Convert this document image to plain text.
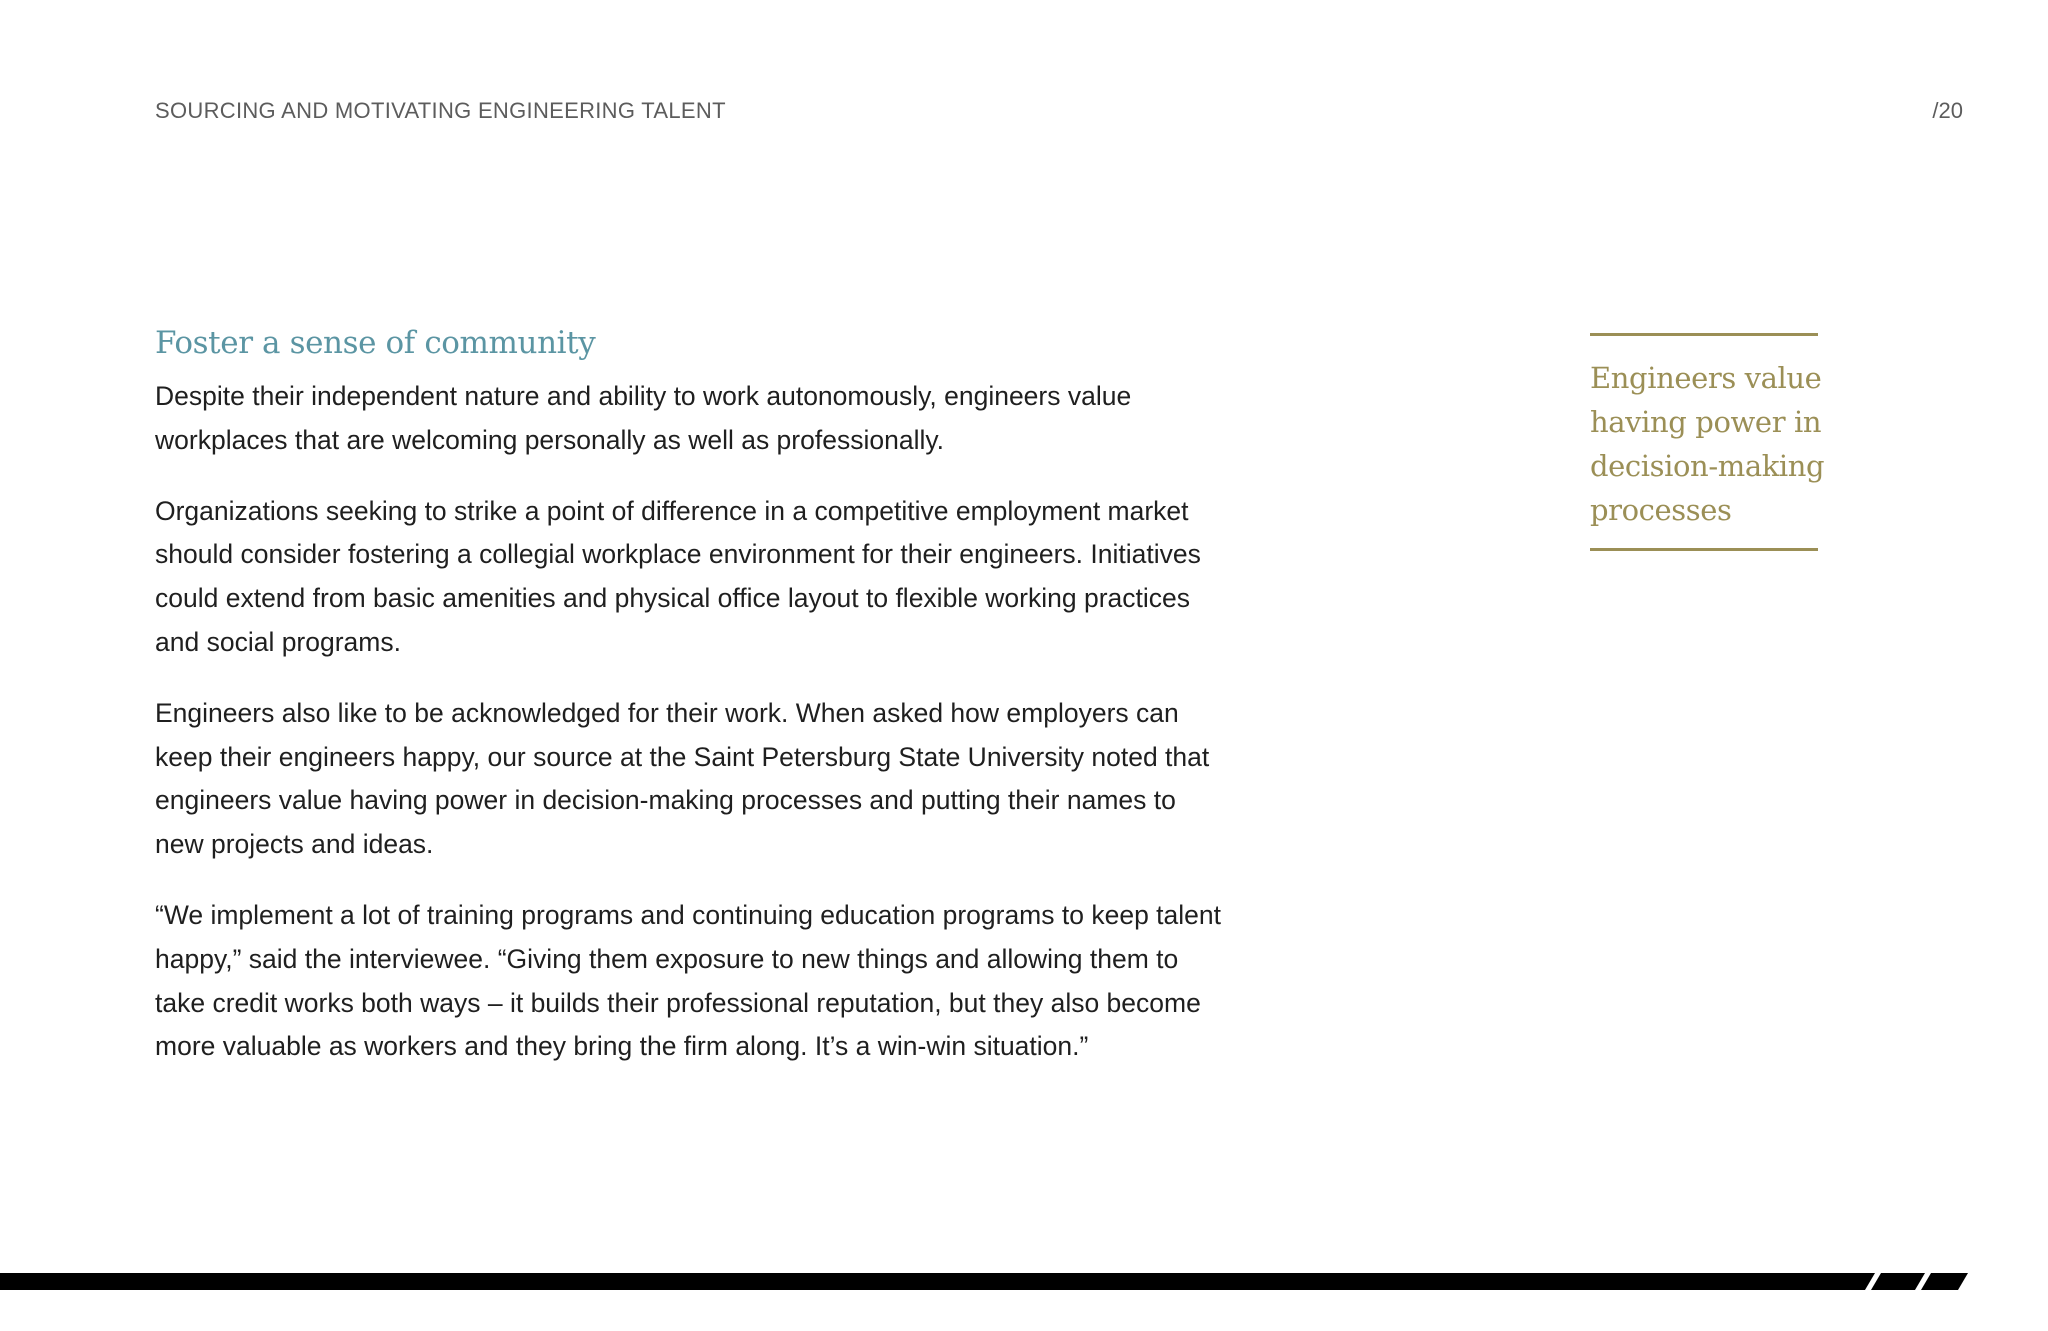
SOURCING AND MOTIVATING ENGINEERING TALENT	/20
Foster a sense of community

Despite their independent nature and ability to work autonomously, engineers value workplaces that are welcoming personally as well as professionally.

Organizations seeking to strike a point of difference in a competitive employment market should consider fostering a collegial workplace environment for their engineers. Initiatives could extend from basic amenities and physical office layout to flexible working practices and social programs.

Engineers also like to be acknowledged for their work. When asked how employers can keep their engineers happy, our source at the Saint Petersburg State University noted that engineers value having power in decision-making processes and putting their names to new projects and ideas.

“We implement a lot of training programs and continuing education programs to keep talent happy,” said the interviewee. “Giving them exposure to new things and allowing them to take credit works both ways – it builds their professional reputation, but they also become more valuable as workers and they bring the firm along. It’s a win-win situation.”

Engineers value
having power in
decision-making
processes
